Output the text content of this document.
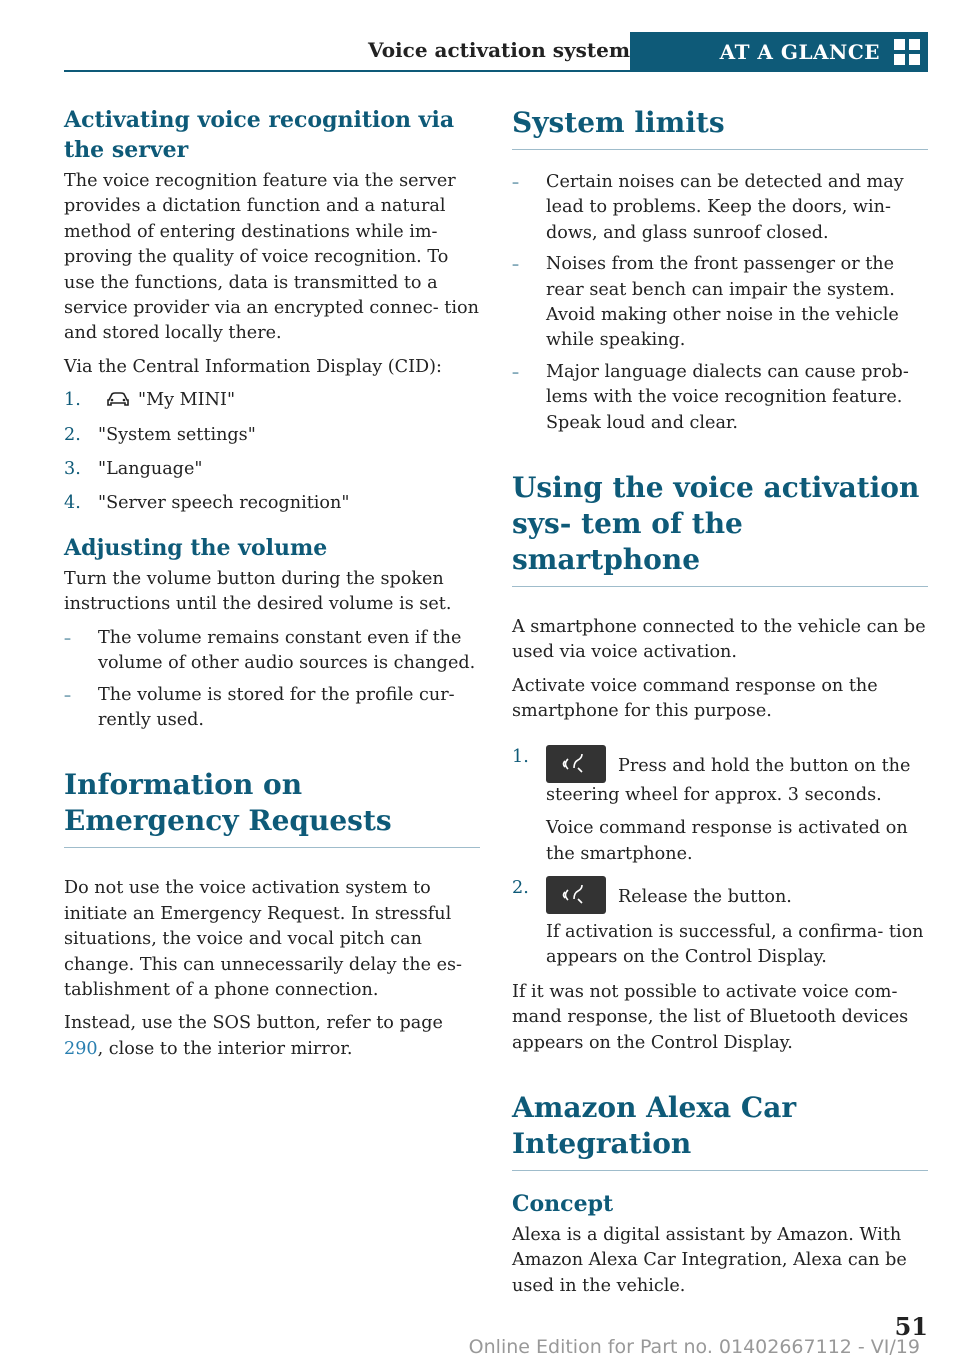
Voice activation system	AT A GLANCE
Activating voice recognition via the server

The voice recognition feature via the server provides a dictation function and a natural method of entering destinations while im‐ proving the quality of voice recognition. To use the functions, data is transmitted to a service provider via an encrypted connec‐ tion and stored locally there.

Via the Central Information Display (CID):

1.	"My MINI"
2. "System settings"
3. "Language"
4. "Server speech recognition"
Adjusting the volume

Turn the volume button during the spoken instructions until the desired volume is set.

–
The volume remains constant even if the volume of other audio sources is changed.
–
The volume is stored for the profile cur‐ rently used.
Information on Emergency Requests

Do not use the voice activation system to initiate an Emergency Request. In stressful situations, the voice and vocal pitch can change. This can unnecessarily delay the es‐ tablishment of a phone connection.

Instead, use the SOS button, refer to page 290, close to the interior mirror.

System limits
–
Certain noises can be detected and may lead to problems. Keep the doors, win‐ dows, and glass sunroof closed.
–
Noises from the front passenger or the rear seat bench can impair the system. Avoid making other noise in the vehicle while speaking.
–
Major language dialects can cause prob‐ lems with the voice recognition feature. Speak loud and clear.
Using the voice activation sys‐ tem of the smartphone

A smartphone connected to the vehicle can be used via voice activation.

Activate voice command response on the smartphone for this purpose.

1.	Press and hold the button on the steering wheel for approx. 3 seconds.
Voice command response is activated on the smartphone.
2.	Release the button.
If activation is successful, a confirma‐ tion appears on the Control Display.

If it was not possible to activate voice com‐ mand response, the list of Bluetooth devices appears on the Control Display.

Amazon Alexa Car Integration
Concept

Alexa is a digital assistant by Amazon. With Amazon Alexa Car Integration, Alexa can be used in the vehicle.

51
Online Edition for Part no. 01402667112 - VI/19
